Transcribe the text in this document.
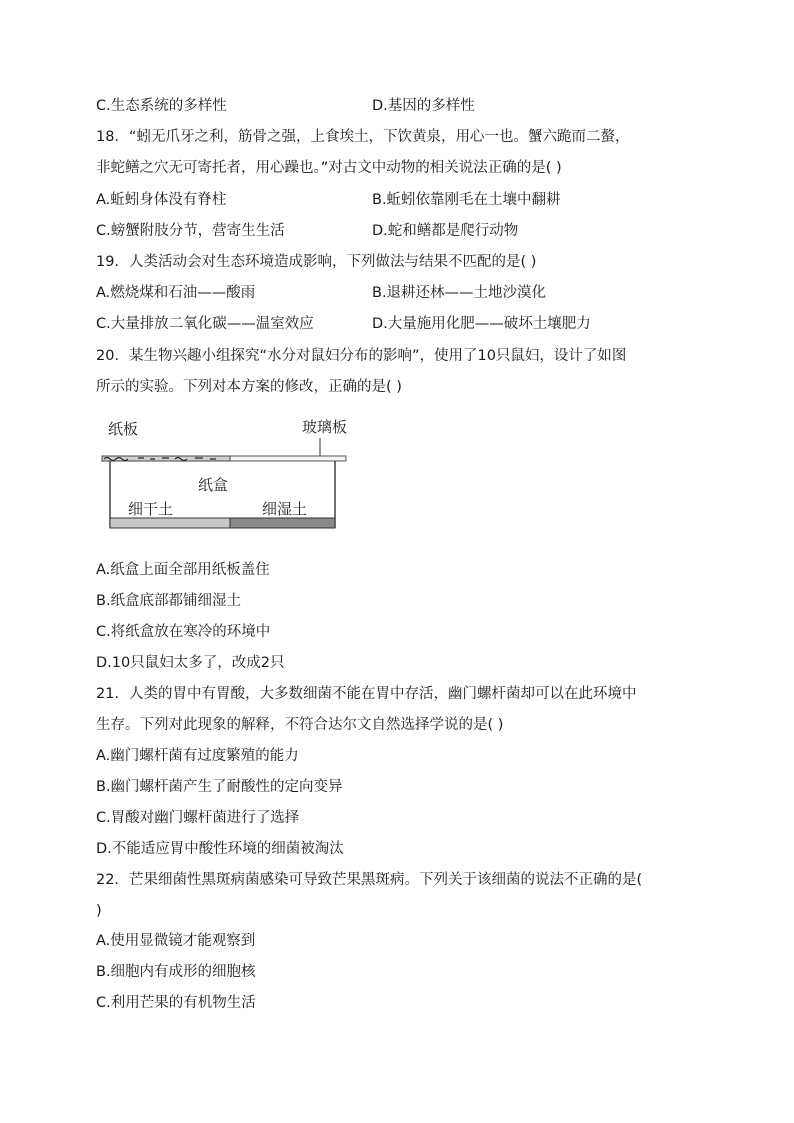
C.生态系统的多样性	D.基因的多样性
18．“蚓无爪牙之利，筋骨之强，上食埃土，下饮黄泉，用心一也。蟹六跪而二螯，
非蛇鳝之穴无可寄托者，用心躁也。”对古文中动物的相关说法正确的是( )
A.蚯蚓身体没有脊柱	B.蚯蚓依靠刚毛在土壤中翻耕
C.螃蟹附肢分节，营寄生生活	D.蛇和鳝都是爬行动物
19．人类活动会对生态环境造成影响，下列做法与结果不匹配的是( )
A.燃烧煤和石油——酸雨	B.退耕还林——土地沙漠化
C.大量排放二氧化碳——温室效应	D.大量施用化肥——破坏土壤肥力
20．某生物兴趣小组探究“水分对鼠妇分布的影响”，使用了10只鼠妇，设计了如图
所示的实验。下列对本方案的修改，正确的是( )
纸板	玻璃板
纸盒
细干土	细湿土
A.纸盒上面全部用纸板盖住
B.纸盒底部都铺细湿土
C.将纸盒放在寒冷的环境中
D.10只鼠妇太多了，改成2只
21．人类的胃中有胃酸，大多数细菌不能在胃中存活，幽门螺杆菌却可以在此环境中
生存。下列对此现象的解释，不符合达尔文自然选择学说的是( )
A.幽门螺杆菌有过度繁殖的能力
B.幽门螺杆菌产生了耐酸性的定向变异
C.胃酸对幽门螺杆菌进行了选择
D.不能适应胃中酸性环境的细菌被淘汰
22．芒果细菌性黑斑病菌感染可导致芒果黑斑病。下列关于该细菌的说法不正确的是(
)
A.使用显微镜才能观察到
B.细胞内有成形的细胞核
C.利用芒果的有机物生活
